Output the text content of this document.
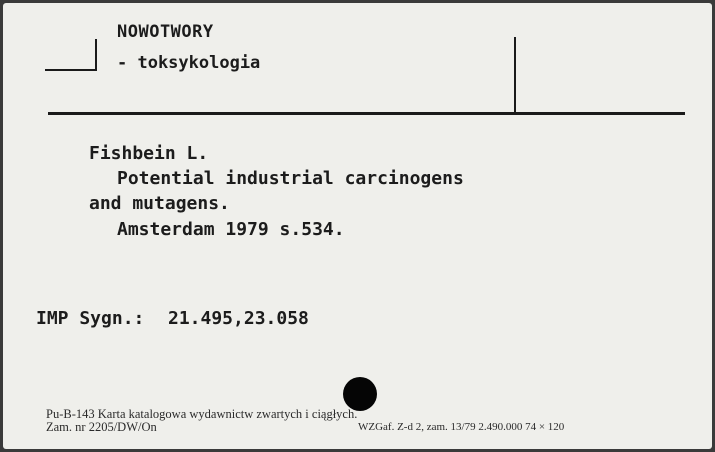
NOWOTWORY
- toksykologia
Fishbein L.
Potential industrial carcinogens
and mutagens.
Amsterdam 1979 s.534.
IMP Sygn.: 21.495,23.058
Pu-B-143 Karta katalogowa wydawnictw zwartych i ciągłych.
Zam. nr 2205/DW/On	WZGaf. Z-d 2, zam. 13/79 2.490.000 74 × 120
